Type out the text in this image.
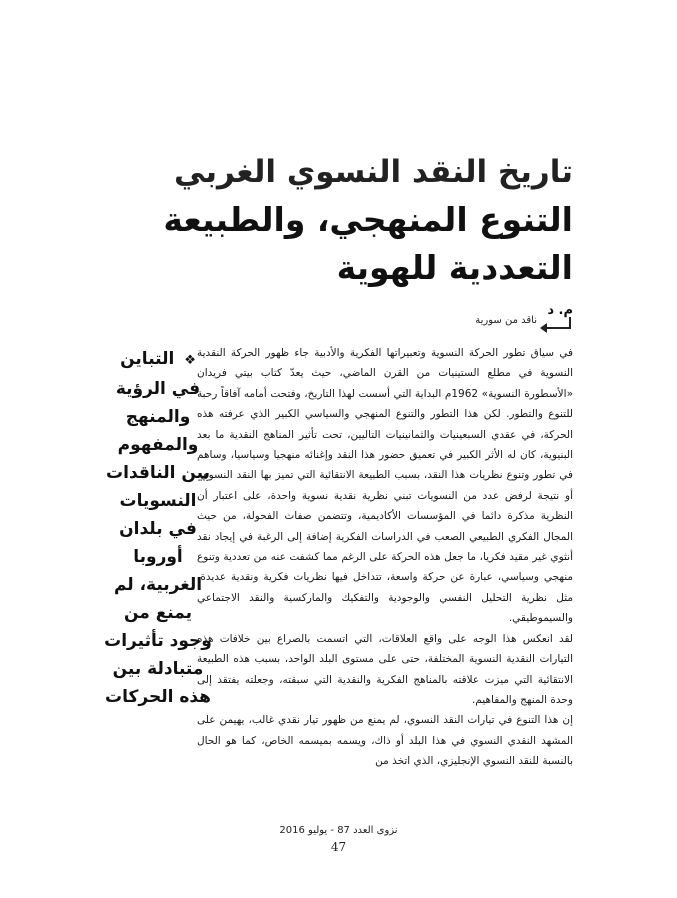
تاريخ النقد النسوي الغربي
التنوع المنهجي، والطبيعة التعددية للهوية
م. د
ناقد من سورية

في سياق تطور الحركة النسوية وتعبيراتها الفكرية والأدبية جاء ظهور الحركة النقدية النسوية في مطلع الستينيات من القرن الماضي، حيث يعدّ كتاب بيتي فريدان «الأسطورة النسوية» 1962م البداية التي أسست لهذا التاريخ، وفتحت أمامه آفاقاً رحبة للتنوع والتطور. لكن هذا التطور والتنوع المنهجي والسياسي الكبير الذي عرفته هذه الحركة، في عقدي السبعينيات والثمانينيات التاليين، تحت تأثير المناهج النقدية ما بعد البنيوية، كان له الأثر الكبير في تعميق حضور هذا النقد وإغنائه منهجيا وسياسيا، وساهم في تطور وتنوع نظريات هذا النقد، بسبب الطبيعة الانتقائية التي تميز بها النقد النسوي، أو نتيجة لرفض عدد من النسويات تبني نظرية نقدية نسوية واحدة، على اعتبار أن النظرية مذكرة دائما في المؤسسات الأكاديمية، وتتضمن صفات الفحولة، من حيث المجال الفكري الطبيعي الصعب في الدراسات الفكرية إضافة إلى الرغبة في إيجاد نقد أنثوي غير مقيد فكريا، ما جعل هذه الحركة على الرغم مما كشفت عنه من تعددية وتنوع منهجي وسياسي، عبارة عن حركة واسعة، تتداخل فيها نظريات فكرية ونقدية عديدة، مثل نظرية التحليل النفسي والوجودية والتفكيك والماركسية والنقد الاجتماعي والسيموطيقي.

لقد انعكس هذا الوجه على واقع العلاقات، التي اتسمت بالصراع بين خلافات هذه التيارات النقدية النسوية المختلفة، حتى على مستوى البلد الواحد، بسبب هذه الطبيعة الانتقائية التي ميزت علاقته بالمناهج الفكرية والنقدية التي سبقته، وجعلته يفتقد إلى وحدة المنهج والمفاهيم.

إن هذا التنوع في تيارات النقد النسوي، لم يمنع من ظهور تيار نقدي غالب، يهيمن على المشهد النقدي النسوي في هذا البلد أو ذاك، ويسمه بميسمه الخاص، كما هو الحال بالنسبة للنقد النسوي الإنجليزي، الذي اتخذ من

❖ التباين في الرؤية والمنهج والمفهوم بين الناقدات النسويات في بلدان أوروبا الغربية، لم يمنع من وجود تأثيرات متبادلة بين هذه الحركات
نزوى العدد 87 - يوليو 2016
47
